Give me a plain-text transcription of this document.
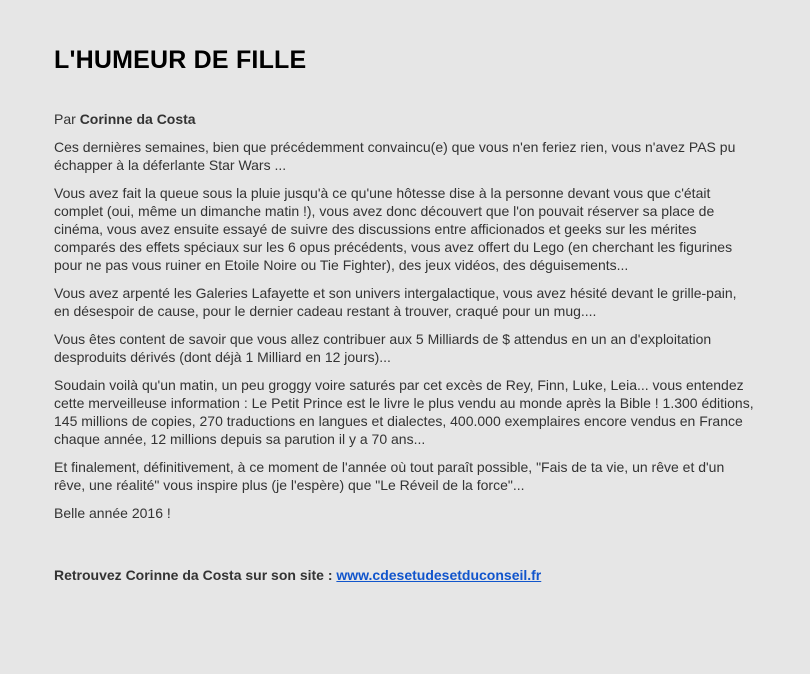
L'HUMEUR DE FILLE

Par Corinne da Costa

Ces dernières semaines, bien que précédemment convaincu(e) que vous n'en feriez rien, vous n'avez PAS pu échapper à la déferlante Star Wars ...

Vous avez fait la queue sous la pluie jusqu'à ce qu'une hôtesse dise à la personne devant vous que c'était complet (oui, même un dimanche matin !), vous avez donc découvert que l'on pouvait réserver sa place de cinéma, vous avez ensuite essayé de suivre des discussions entre afficionados et geeks sur les mérites comparés des effets spéciaux sur les 6 opus précédents, vous avez offert du Lego (en cherchant les figurines pour ne pas vous ruiner en Etoile Noire ou Tie Fighter), des jeux vidéos, des déguisements...

Vous avez arpenté les Galeries Lafayette et son univers intergalactique, vous avez hésité devant le grille-pain, en désespoir de cause, pour le dernier cadeau restant à trouver, craqué pour un mug....

Vous êtes content de savoir que vous allez contribuer aux 5 Milliards de $ attendus en un an d'exploitation desproduits dérivés (dont déjà 1 Milliard en 12 jours)...

Soudain voilà qu'un matin, un peu groggy voire saturés par cet excès de Rey, Finn, Luke, Leia... vous entendez cette merveilleuse information : Le Petit Prince est le livre le plus vendu au monde après la Bible ! 1.300 éditions, 145 millions de copies, 270 traductions en langues et dialectes, 400.000 exemplaires encore vendus en France chaque année, 12 millions depuis sa parution il y a 70 ans...

Et finalement, définitivement, à ce moment de l'année où tout paraît possible, "Fais de ta vie, un rêve et d'un rêve, une réalité" vous inspire plus (je l'espère) que "Le Réveil de la force"...

Belle année 2016 !

Retrouvez Corinne da Costa sur son site : www.cdesetudesetduconseil.fr
